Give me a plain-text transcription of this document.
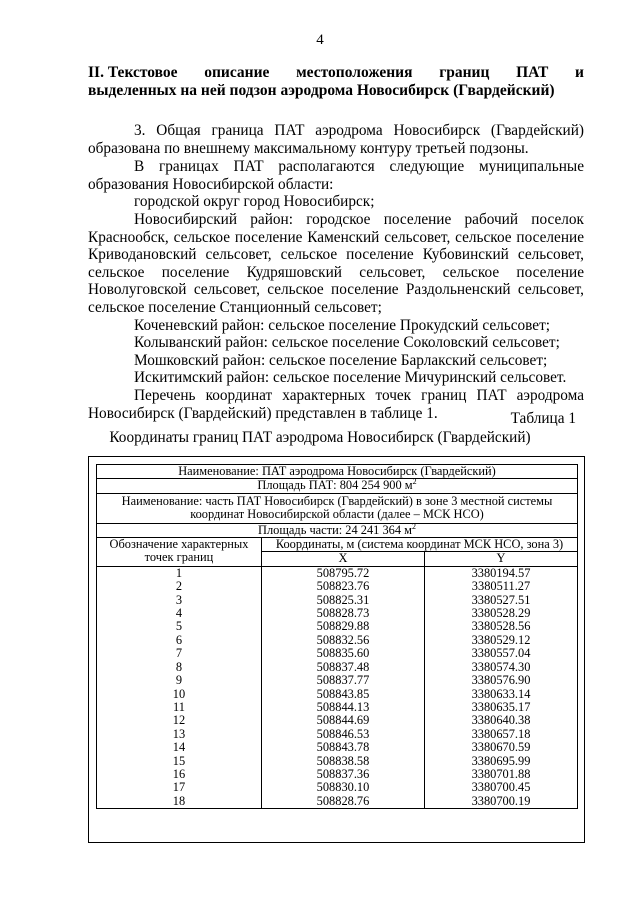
4
II. Текстовое описание местоположения границ ПАТ и
выделенных на ней подзон аэродрома Новосибирск (Гвардейский)

3. Общая граница ПАТ аэродрома Новосибирск (Гвардейский) образована по внешнему максимальному контуру третьей подзоны.

В границах ПАТ располагаются следующие муниципальные образования Новосибирской области:

городской округ город Новосибирск;

Новосибирский район: городское поселение рабочий поселок Краснообск, сельское поселение Каменский сельсовет, сельское поселение Криводановский сельсовет, сельское поселение Кубовинский сельсовет, сельское поселение Кудряшовский сельсовет, сельское поселение Новолуговской сельсовет, сельское поселение Раздольненский сельсовет, сельское поселение Станционный сельсовет;

Коченевский район: сельское поселение Прокудский сельсовет;

Колыванский район: сельское поселение Соколовский сельсовет;

Мошковский район: сельское поселение Барлакский сельсовет;

Искитимский район: сельское поселение Мичуринский сельсовет.

Перечень координат характерных точек границ ПАТ аэродрома Новосибирск (Гвардейский) представлен в таблице 1.	Таблица 1
Координаты границ ПАТ аэродрома Новосибирск (Гвардейский)
Наименование: ПАТ аэродрома Новосибирск (Гвардейский)		
Площадь ПАТ: 804 254 900 $м^2$
Наименование: часть ПАТ Новосибирск (Гвардейский) в зоне 3 местной системы координат Новосибирской области (далее – МСК НСО)		
Площадь части: 24 241 364 $м^2$
Обозначение характерных точек границ	Координаты, м (система координат МСК НСО, зона 3)	
	X	Y
1	508795.72	3380194.57
2	508823.76	3380511.27
3	508825.31	3380527.51
4	508828.73	3380528.29
5	508829.88	3380528.56
6	508832.56	3380529.12
7	508835.60	3380557.04
8	508837.48	3380574.30
9	508837.77	3380576.90
10	508843.85	3380633.14
11	508844.13	3380635.17
12	508844.69	3380640.38
13	508846.53	3380657.18
14	508843.78	3380670.59
15	508838.58	3380695.99
16	508837.36	3380701.88
17	508830.10	3380700.45
18	508828.76	3380700.19
